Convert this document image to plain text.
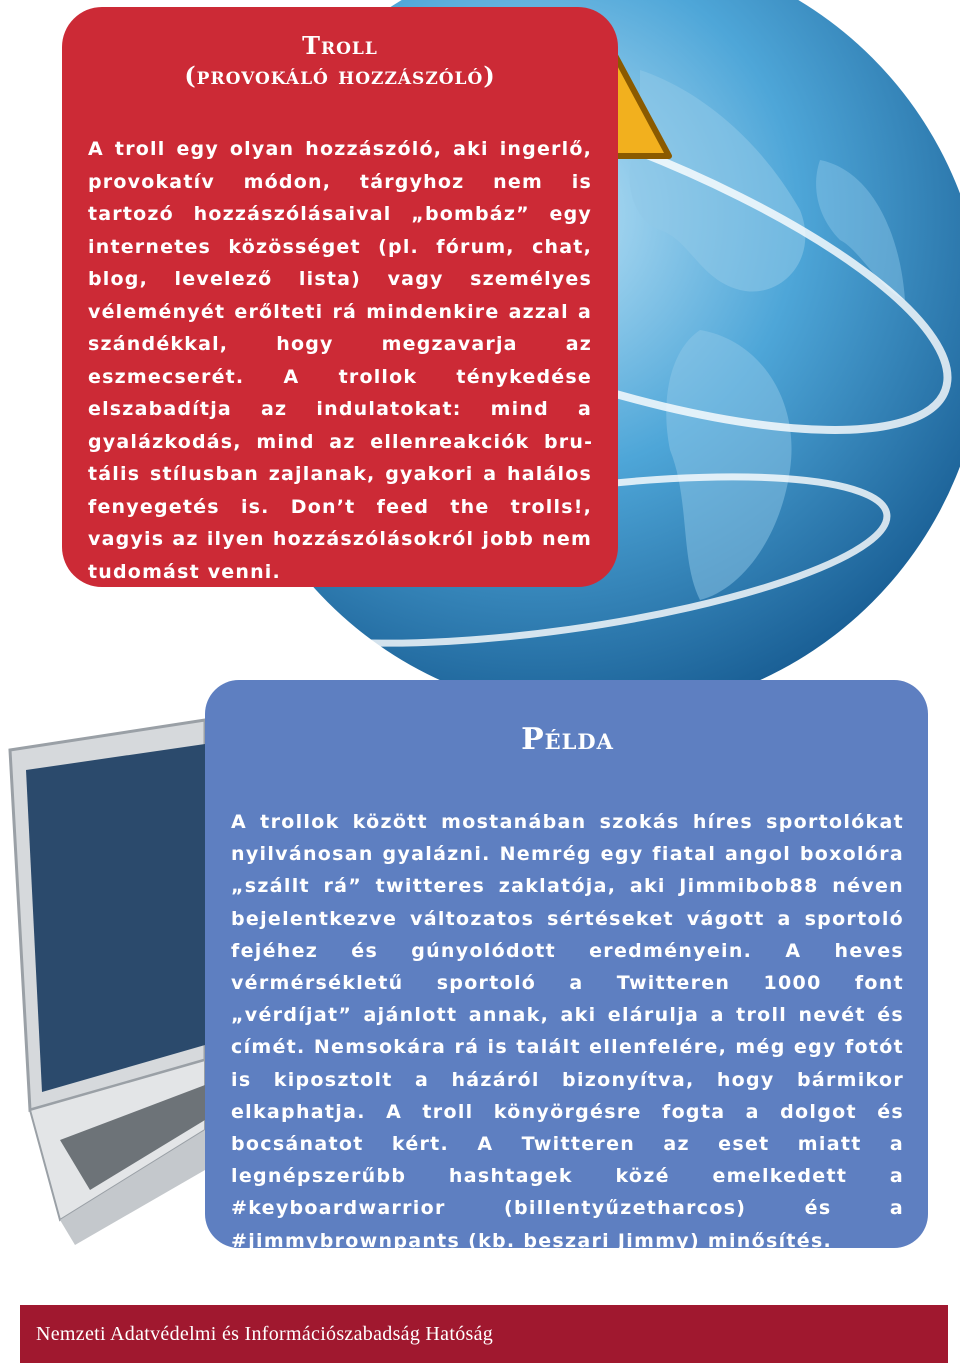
Troll
(provokáló hozzászóló)
A troll egy olyan hozzászóló, aki ingerlő, provokatív módon, tárgyhoz nem is tartozó hozzászólásaival „bombáz” egy internetes közösséget (pl. fórum, chat, blog, levelező lista) vagy személyes véleményét erőlteti rá mindenkire azzal a szándékkal, hogy megzavarja az eszmecserét. A trollok ténykedése elszabadítja az indulatokat: mind a gyalázkodás, mind az ellenreakciók brutális stílusban zajlanak, gyakori a halálos fenyegetés is. Don’t feed the trolls!, vagyis az ilyen hozzászólásokról jobb nem tudomást venni.
Példa
A trollok között mostanában szokás híres sportolókat nyilvánosan gyalázni. Nemrég egy fiatal angol boxolóra „szállt rá” twitteres zaklatója, aki Jimmibob88 néven bejelentkezve változatos sértéseket vágott a sportoló fejéhez és gúnyolódott eredményein. A heves vérmérsékletű sportoló a Twitteren 1000 font „vérdíjat” ajánlott annak, aki elárulja a troll nevét és címét. Nemsokára rá is talált ellenfelére, még egy fotót is kiposztolt a házáról bizonyítva, hogy bármikor elkaphatja. A troll könyörgésre fogta a dolgot és bocsánatot kért. A Twitteren az eset miatt a legnépszerűbb hashtagek közé emelkedett a #keyboardwarrior (billentyűzetharcos) és a #jimmybrownpants (kb. beszari Jimmy) minősítés.
Nemzeti Adatvédelmi és Információszabadság Hatóság
